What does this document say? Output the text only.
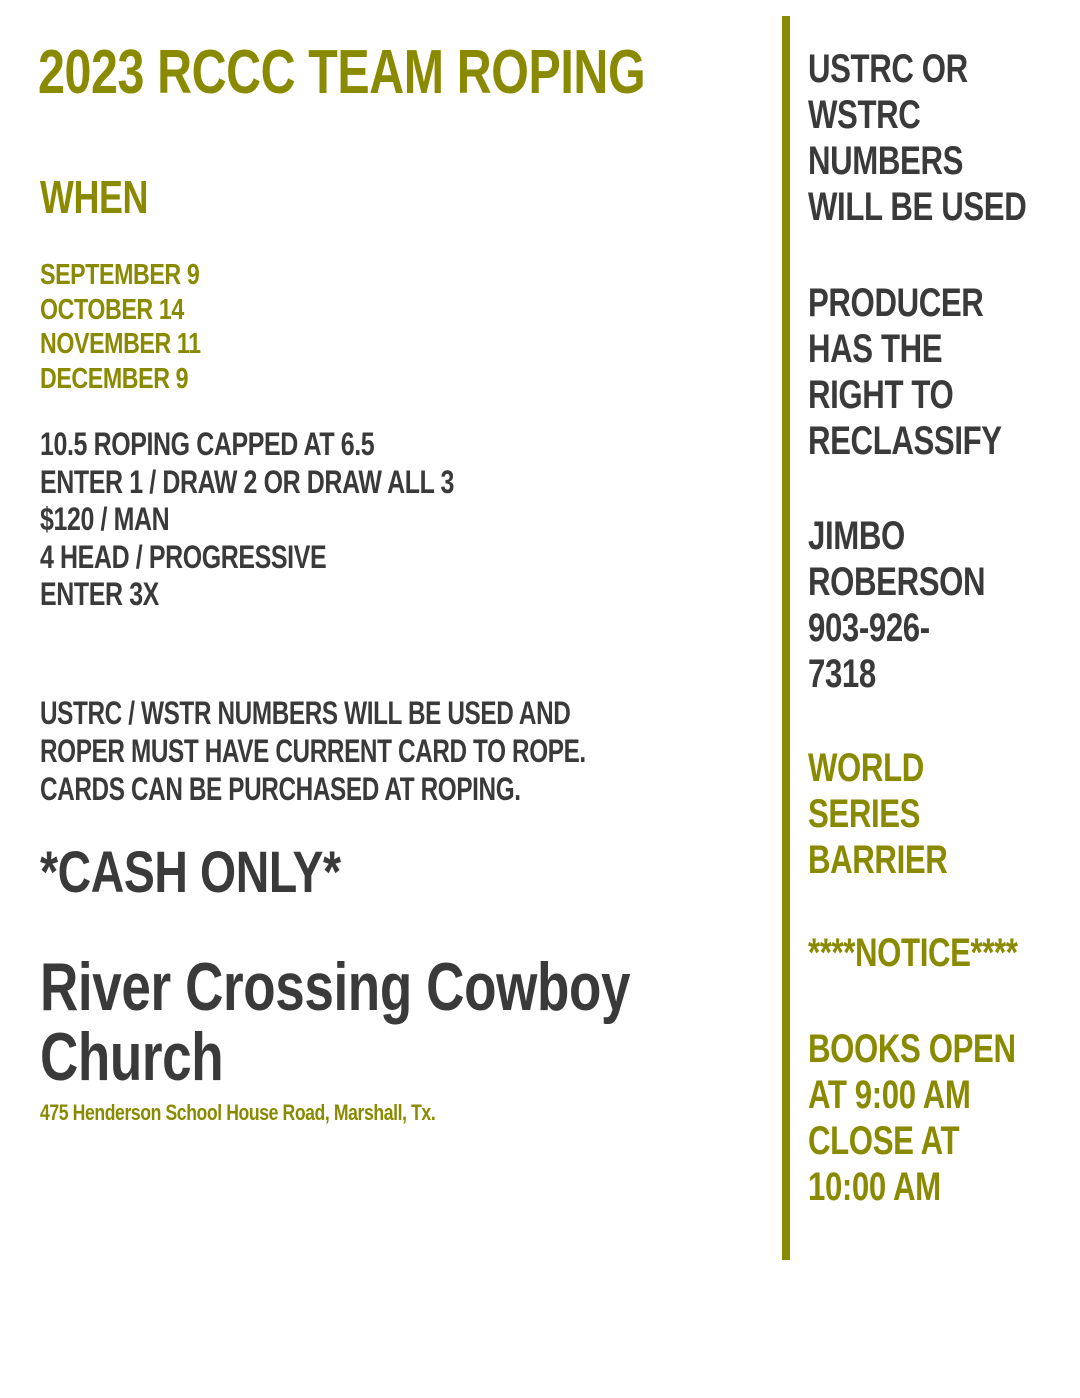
2023 RCCC TEAM ROPING
WHEN
SEPTEMBER 9
OCTOBER 14
NOVEMBER 11
DECEMBER 9
10.5 ROPING CAPPED AT 6.5
ENTER 1 / DRAW 2 OR DRAW ALL 3
$120 / MAN
4 HEAD / PROGRESSIVE
ENTER 3X
USTRC / WSTR NUMBERS WILL BE USED AND
ROPER MUST HAVE CURRENT CARD TO ROPE.
CARDS CAN BE PURCHASED AT ROPING.
*CASH ONLY*
River Crossing Cowboy
Church
475 Henderson School House Road, Marshall, Tx.
USTRC OR
WSTRC
NUMBERS
WILL BE USED
PRODUCER
HAS THE
RIGHT TO
RECLASSIFY
JIMBO
ROBERSON
903-926-
7318
WORLD
SERIES
BARRIER
****NOTICE****
BOOKS OPEN
AT 9:00 AM
CLOSE AT
10:00 AM
